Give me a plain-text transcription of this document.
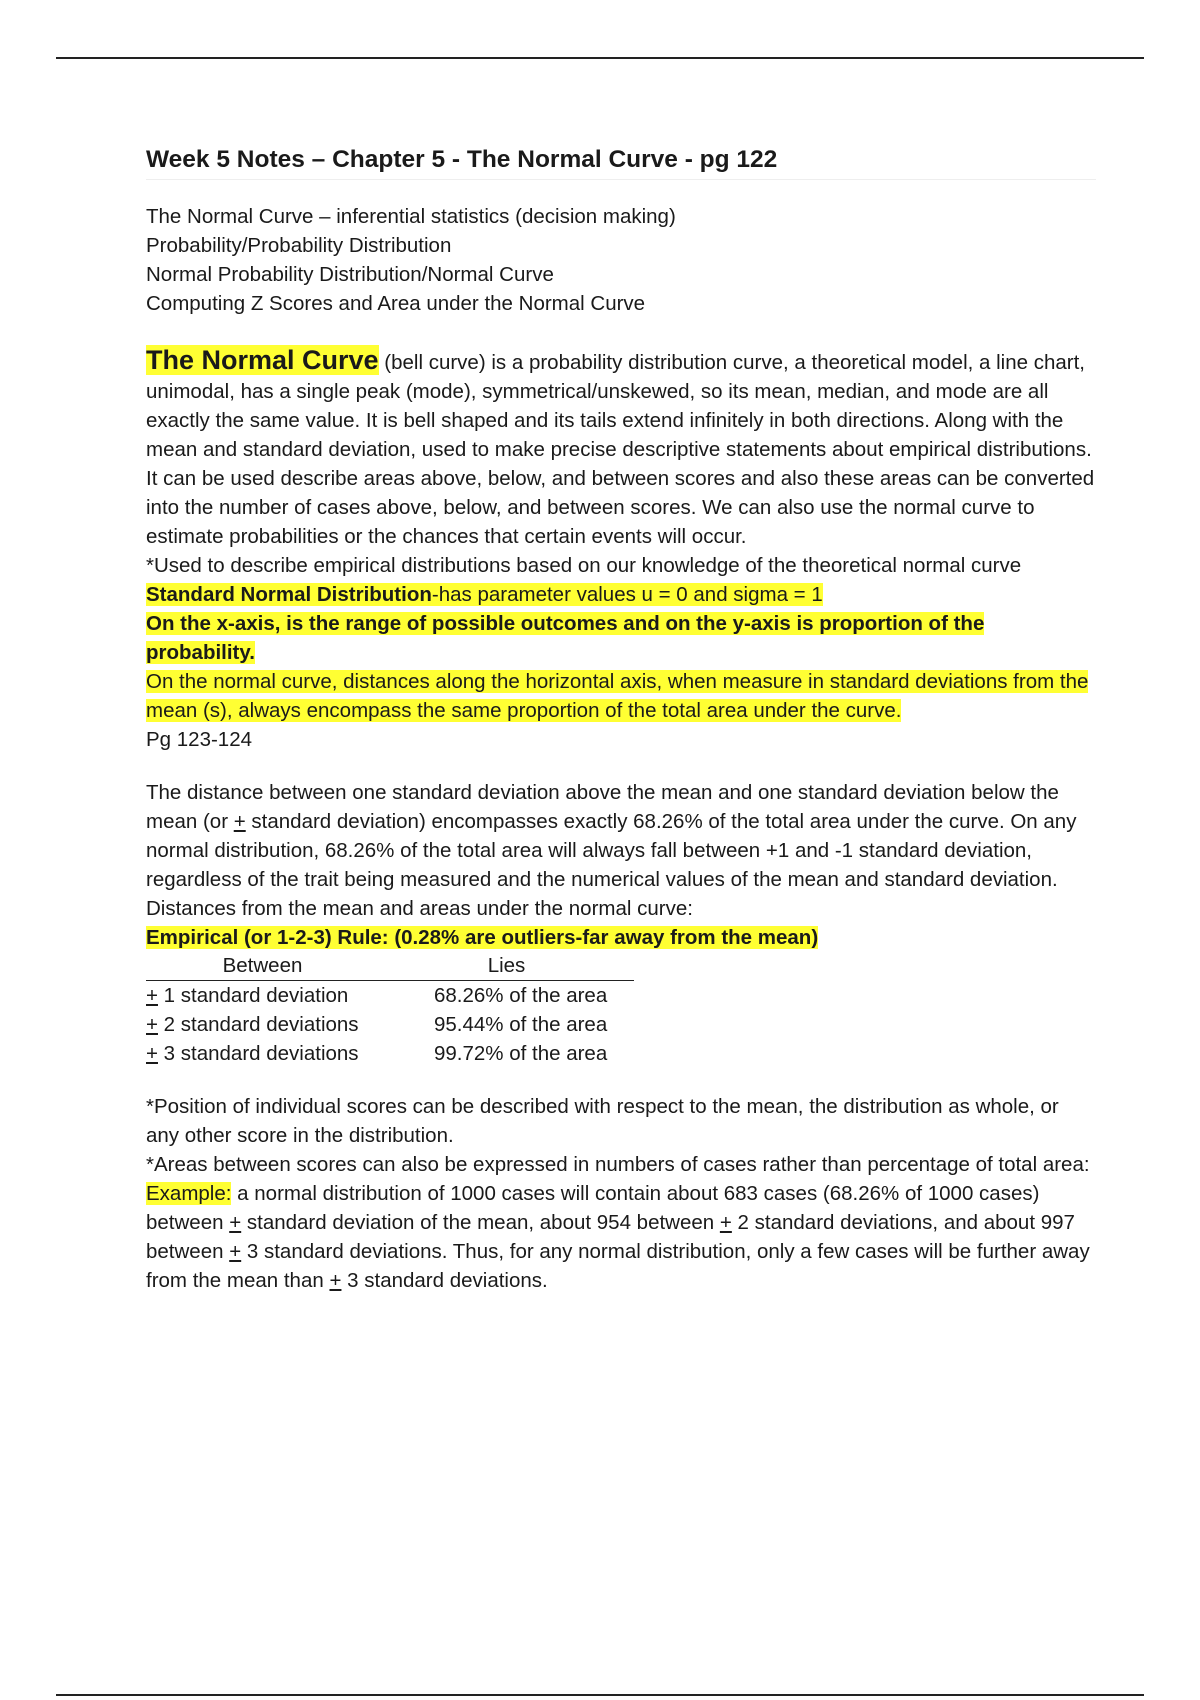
Week 5 Notes – Chapter 5 - The Normal Curve - pg 122
The Normal Curve – inferential statistics (decision making)
Probability/Probability Distribution
Normal Probability Distribution/Normal Curve
Computing Z Scores and Area under the Normal Curve
The Normal Curve (bell curve) is a probability distribution curve, a theoretical model, a line chart, unimodal, has a single peak (mode), symmetrical/unskewed, so its mean, median, and mode are all exactly the same value. It is bell shaped and its tails extend infinitely in both directions. Along with the mean and standard deviation, used to make precise descriptive statements about empirical distributions. It can be used describe areas above, below, and between scores and also these areas can be converted into the number of cases above, below, and between scores. We can also use the normal curve to estimate probabilities or the chances that certain events will occur.
*Used to describe empirical distributions based on our knowledge of the theoretical normal curve
Standard Normal Distribution-has parameter values u = 0 and sigma = 1
On the x-axis, is the range of possible outcomes and on the y-axis is proportion of the probability.
On the normal curve, distances along the horizontal axis, when measure in standard deviations from the mean (s), always encompass the same proportion of the total area under the curve.
Pg 123-124
The distance between one standard deviation above the mean and one standard deviation below the mean (or + standard deviation) encompasses exactly 68.26% of the total area under the curve. On any normal distribution, 68.26% of the total area will always fall between +1 and -1 standard deviation, regardless of the trait being measured and the numerical values of the mean and standard deviation. Distances from the mean and areas under the normal curve:
Empirical (or 1-2-3) Rule: (0.28% are outliers-far away from the mean)
Between	Lies
+ 1 standard deviation	68.26% of the area
+ 2 standard deviations	95.44% of the area
+ 3 standard deviations	99.72% of the area
*Position of individual scores can be described with respect to the mean, the distribution as whole, or any other score in the distribution.
*Areas between scores can also be expressed in numbers of cases rather than percentage of total area:
Example: a normal distribution of 1000 cases will contain about 683 cases (68.26% of 1000 cases) between + standard deviation of the mean, about 954 between + 2 standard deviations, and about 997 between + 3 standard deviations. Thus, for any normal distribution, only a few cases will be further away from the mean than + 3 standard deviations.
